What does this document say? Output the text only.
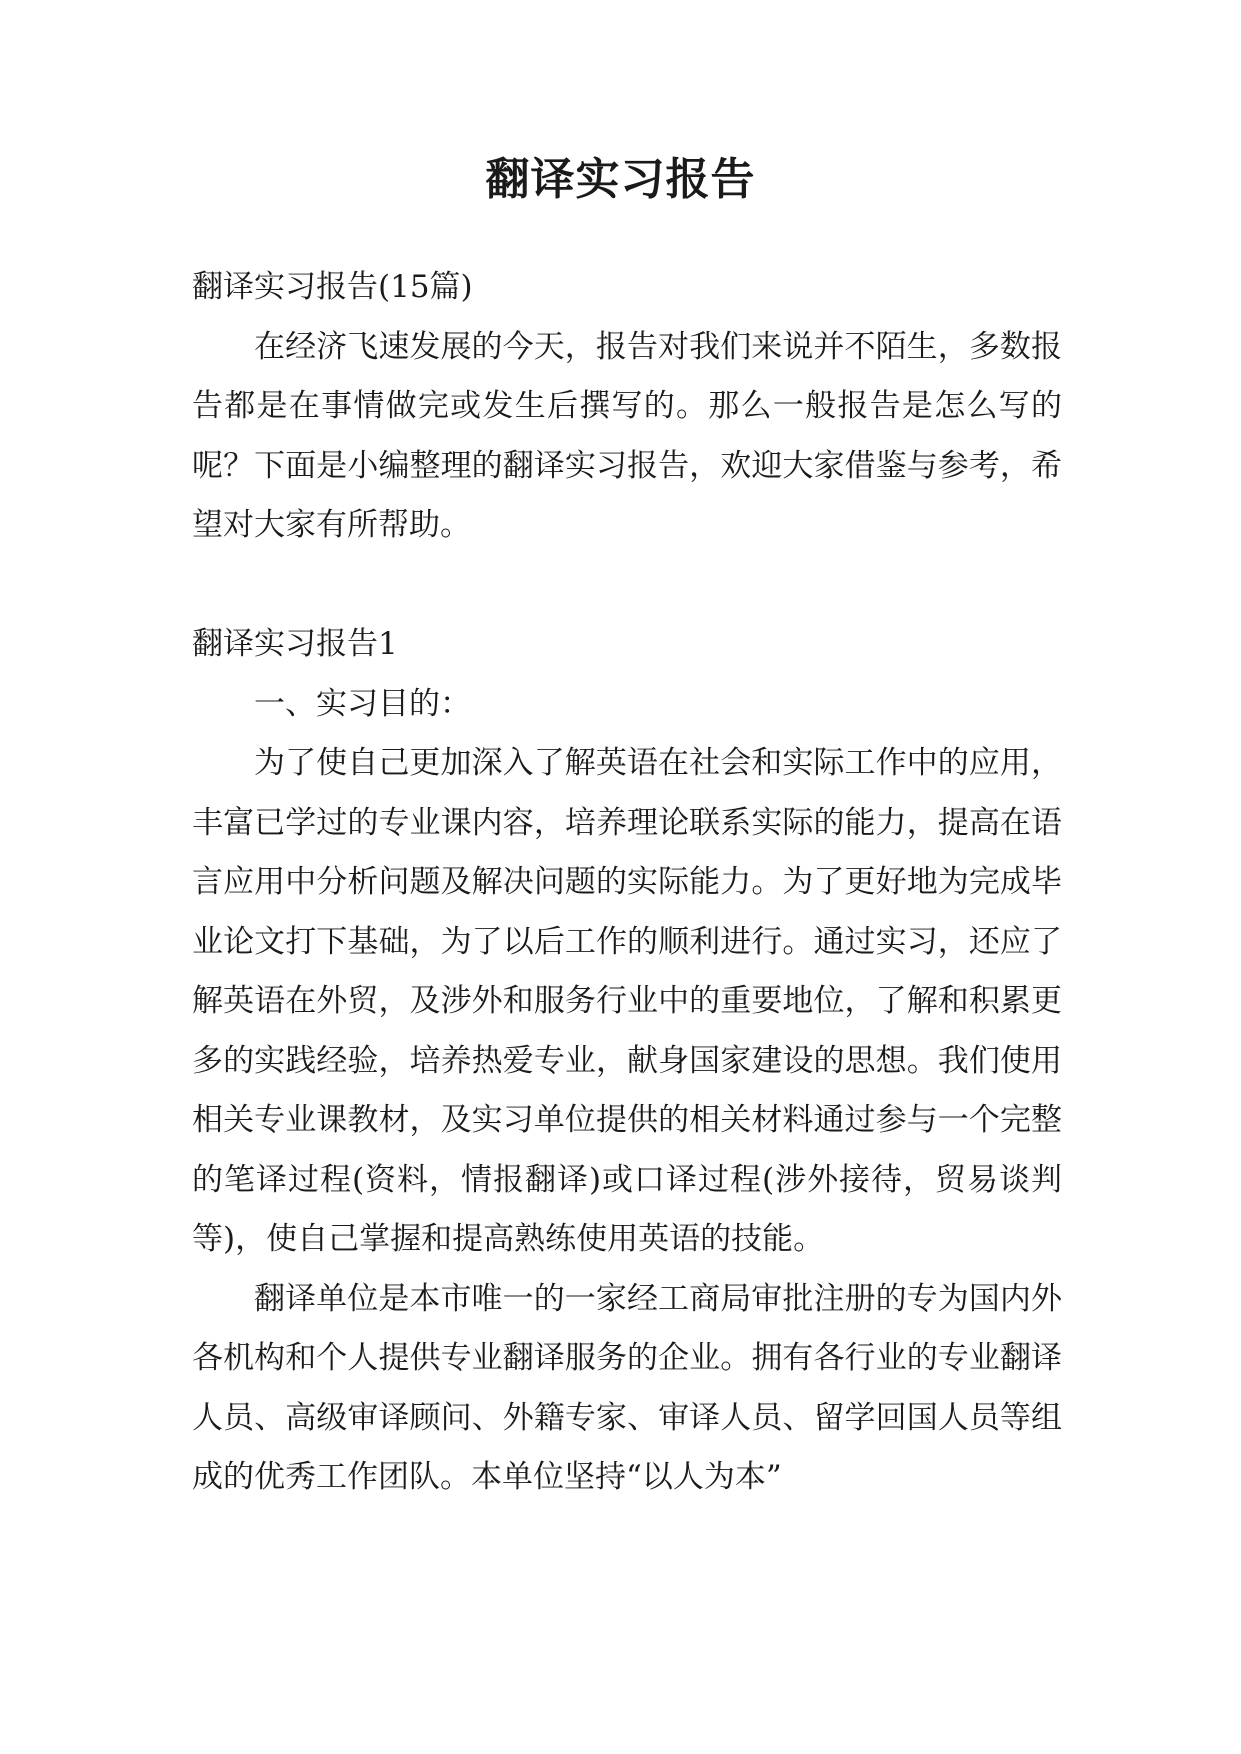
翻译实习报告

翻译实习报告(15篇)

在经济飞速发展的今天，报告对我们来说并不陌生，多数报告都是在事情做完或发生后撰写的。那么一般报告是怎么写的呢？下面是小编整理的翻译实习报告，欢迎大家借鉴与参考，希望对大家有所帮助。

翻译实习报告1

一、实习目的：

为了使自己更加深入了解英语在社会和实际工作中的应用，丰富已学过的专业课内容，培养理论联系实际的能力，提高在语言应用中分析问题及解决问题的实际能力。为了更好地为完成毕业论文打下基础，为了以后工作的顺利进行。通过实习，还应了解英语在外贸，及涉外和服务行业中的重要地位，了解和积累更多的实践经验，培养热爱专业，献身国家建设的思想。我们使用相关专业课教材，及实习单位提供的相关材料通过参与一个完整的笔译过程(资料，情报翻译)或口译过程(涉外接待，贸易谈判等)，使自己掌握和提高熟练使用英语的技能。

翻译单位是本市唯一的一家经工商局审批注册的专为国内外各机构和个人提供专业翻译服务的企业。拥有各行业的专业翻译人员、高级审译顾问、外籍专家、审译人员、留学回国人员等组成的优秀工作团队。本单位坚持“以人为本”
